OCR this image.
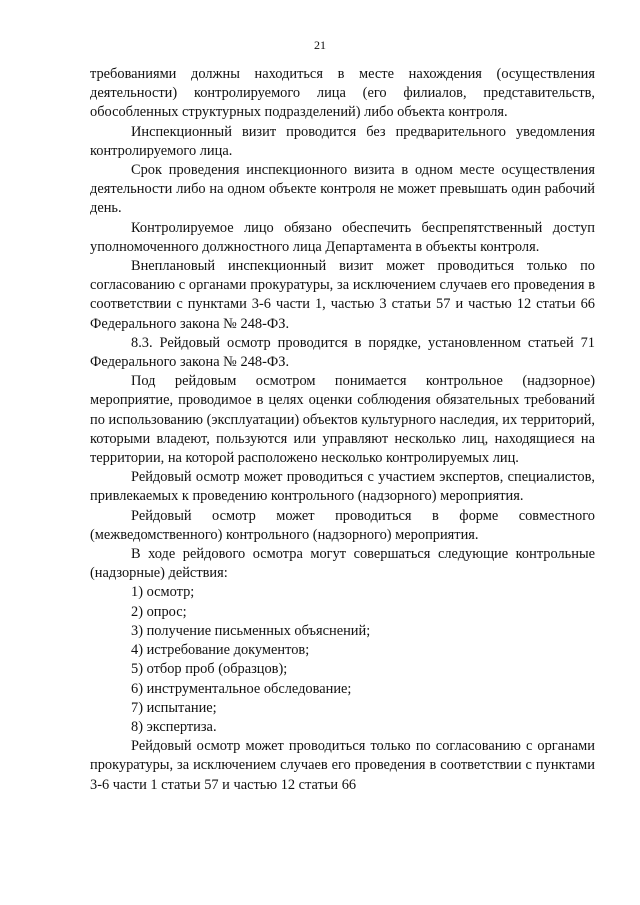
21

требованиями должны находиться в месте нахождения (осуществления деятельности) контролируемого лица (его филиалов, представительств, обособленных структурных подразделений) либо объекта контроля.

Инспекционный визит проводится без предварительного уведомления контролируемого лица.

Срок проведения инспекционного визита в одном месте осуществления деятельности либо на одном объекте контроля не может превышать один рабочий день.

Контролируемое лицо обязано обеспечить беспрепятственный доступ уполномоченного должностного лица Департамента в объекты контроля.

Внеплановый инспекционный визит может проводиться только по согласованию с органами прокуратуры, за исключением случаев его проведения в соответствии с пунктами 3-6 части 1, частью 3 статьи 57 и частью 12 статьи 66 Федерального закона № 248-ФЗ.

8.3. Рейдовый осмотр проводится в порядке, установленном статьей 71 Федерального закона № 248-ФЗ.

Под рейдовым осмотром понимается контрольное (надзорное) мероприятие, проводимое в целях оценки соблюдения обязательных требований по использованию (эксплуатации) объектов культурного наследия, их территорий, которыми владеют, пользуются или управляют несколько лиц, находящиеся на территории, на которой расположено несколько контролируемых лиц.

Рейдовый осмотр может проводиться с участием экспертов, специалистов, привлекаемых к проведению контрольного (надзорного) мероприятия.

Рейдовый осмотр может проводиться в форме совместного (межведомственного) контрольного (надзорного) мероприятия.

В ходе рейдового осмотра могут совершаться следующие контрольные (надзорные) действия:

1) осмотр;

2) опрос;

3) получение письменных объяснений;

4) истребование документов;

5) отбор проб (образцов);

6) инструментальное обследование;

7) испытание;

8) экспертиза.

Рейдовый осмотр может проводиться только по согласованию с органами прокуратуры, за исключением случаев его проведения в соответствии с пунктами 3-6 части 1 статьи 57 и частью 12 статьи 66
